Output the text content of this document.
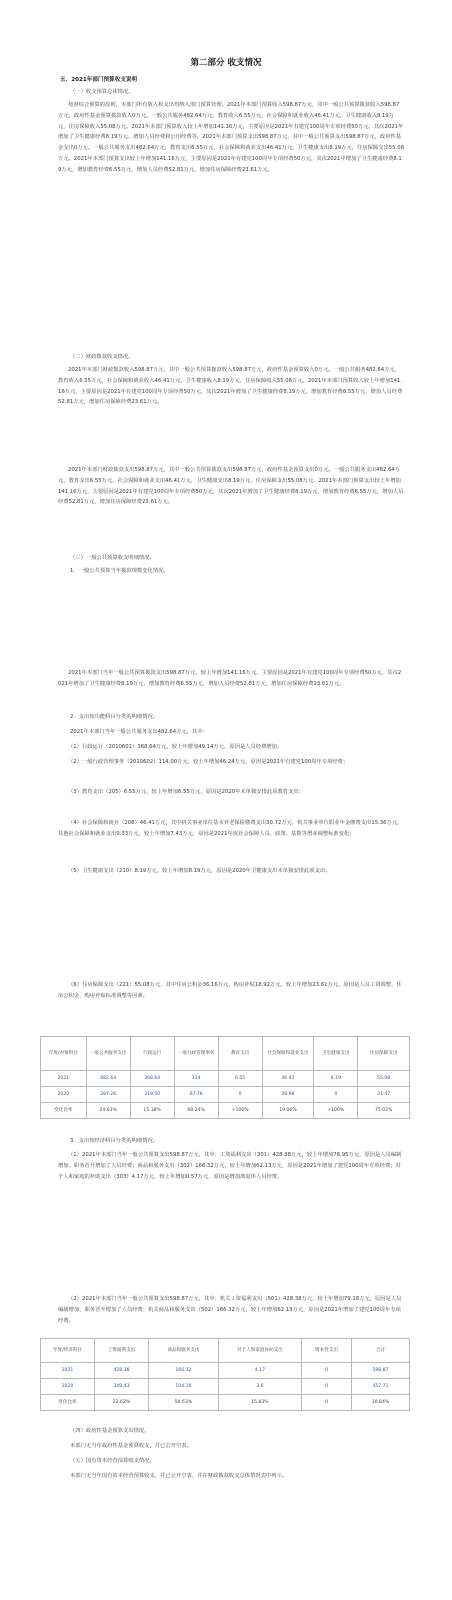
第二部分 收支情况
五．2021年部门预算收支说明
（一）收支预算总体情况。
按照综合预算的原则，本部门所有收入和支出均纳入部门预算管理。2021年本部门预算收入598.87万元，其中一般公共预算拨款收入598.87万元，政府性基金预算拨款收入0万元。一般公共服务482.64万元，教育收入6.55万元，社会保障和就业收入46.41万元，卫生健康收入8.19万元，住房保障收入55.08万元。2021年本部门预算收入较上年增加141.16万元，主要原因是2021年有建党100周年专项经费50万元，其次2021年增加了卫生健康经费8.19万元，增加人员经费和公用经费等。2021年本部门预算支出598.87万元，其中一般公共预算支出598.87万元，政府性基金支出0万元。一般公共服务支出482.64万元，教育支出6.55万元，社会保障和就业支出46.41万元，卫生健康支出8.19万元，住房保障支出55.08万元。2021年本部门预算支出较上年增加141.16万元，主要原因是2021年有建党100周年专项经费50万元，其次2021年增加了卫生健康经费8.19万元，增加教育经费6.55万元，增加人员经费52.81万元，增加住房保障经费23.61万元。
（二）财政拨款收支情况。
2021年本部门财政拨款收入598.87万元，其中一般公共预算拨款收入598.87万元，政府性基金预算收入0万元。一般公共服务482.64万元，教育收入6.55万元，社会保障和就业收入46.41万元，卫生健康收入8.19万元，住房保障收入55.08万元。2021年本部门预算收入较上年增加141.16万元，主要原因是2021年有建党100周年专项经费50万元，其次2021年增加了卫生健康经费8.19万元，增加教育经费6.55万元，增加人员经费52.81万元，增加住房保障经费23.61万元。
2021年本部门财政拨款支出598.87万元，其中一般公共预算拨款支出598.87万元，政府性基金预算支出0万元。一般公共服务支出482.64万元，教育支出6.55万元，社会保障和就业支出46.41万元，卫生健康支出8.19万元，住房保障支出55.08万元。2021年本部门预算支出较上年增加141.16万元，主要原因是2021年有建党100周年专项经费50万元，其次2021年增加了卫生健康经费8.19万元，增加教育经费6.55万元，增加人员经费52.81万元，增加住房保障经费23.61万元。
（三）一般公共预算收支明细情况。
1．一般公共预算当年拨款规模变化情况。
2021年本部门当年一般公共预算拨款支出598.87万元，较上年增加141.16万元，主要原因是2021年有建党100周年专项经费50万元，其次2021年增加了卫生健康经费8.19万元，增加教育经费6.55万元，增加人员经费52.81万元，增加住房保障经费23.61万元。
2．支出按功能科目分类的明细情况。
2021年本部门当年一般公共服务支出482.64万元，其中：
（1）行政运行（2010601）368.64万元，较上年增加49.14万元，原因是人员经费增加；
（2）一般行政管理事务（2010602）114.00万元，较上年增加46.24万元，原因是2021年有建党100周年专项经费；
（3）教育支出（205）6.55万元，较上年增加6.55万元，原因是2020年未单独安排此项教育支出；
（4）社会保障和就业（208）46.41万元，其中机关事业单位基本养老保险缴费支出30.72万元，机关事业单位职业年金缴费支出15.36万元，其他社会保障和就业支出0.33万元，较上年增加7.43万元，原因是2021年度社会保障人员、政策、基数等增多调整标准变化；
（5）卫生健康支出（210）8.19万元，较上年增加8.19万元，原因是2020年卫健康支出未单独安排此项支出；
（6）住房保障支出（221）55.08万元，其中住房公积金36.16万元，购房补贴18.92万元，较上年增加23.61万元，原因是人员工资调整、住房公积金、购房补贴标准调整等因素。
年度/对象科目	一般公共服务支出	行政运行	一般行政管理事务	教育支出	社会保障和就业支出	卫生健康支出	住房保障支出
2021	482.64	368.64	114	6.55	46.41	8.19	55.08
2020	387.26	319.50	67.76	0	38.98	0	31.47
变化比率	24.63%	15.38%	68.24%	+100%	19.06%	+100%	75.02%
3．支出按经济科目分类的明细情况。
（1）2021年本部门当年一般公共预算支出598.87万元，其中：工资福利支出（301）428.38万元，较上年增加78.95万元，原因是人员编制增加、职务晋升增加了人员经费；商品和服务支出（302）166.32万元，较上年增加62.13万元，原因是2021年增加了建党100周年专项经费；对个人和家庭的补助支出（303）4.17万元，较上年增加0.57万元，原因是增加离退休人员经费。
（2）2021年本部门当年一般公共预算支出598.87万元，其中：机关工资福利支出（501）428.38万元，较上年增加79.18万元，原因是人员编制增加，职务晋升增加了人员经费；机关商品和服务支出（502）166.32万元，较上年增加62.13万元，原因是2021年增加了建党100周年专项经费。
年度/经济科目	工资福利支出	商品和服务支出	对个人和家庭补助支出	资本性支出	合计
2021	428.38	166.32	4.17	0	598.87
2020	349.43	104.19	3.6	0	457.71
变化比率	22.62%	59.63%	15.83%	0	30.84%
（四）政府性基金预算支出情况。
本部门无当年政府性基金预算收支，并已公开空表。
（五）国有资本经营预算收支情况。
本部门无当年国有资本经营预算收支，并已公开空表，并在财政拨款收支总体情况表中列示。
